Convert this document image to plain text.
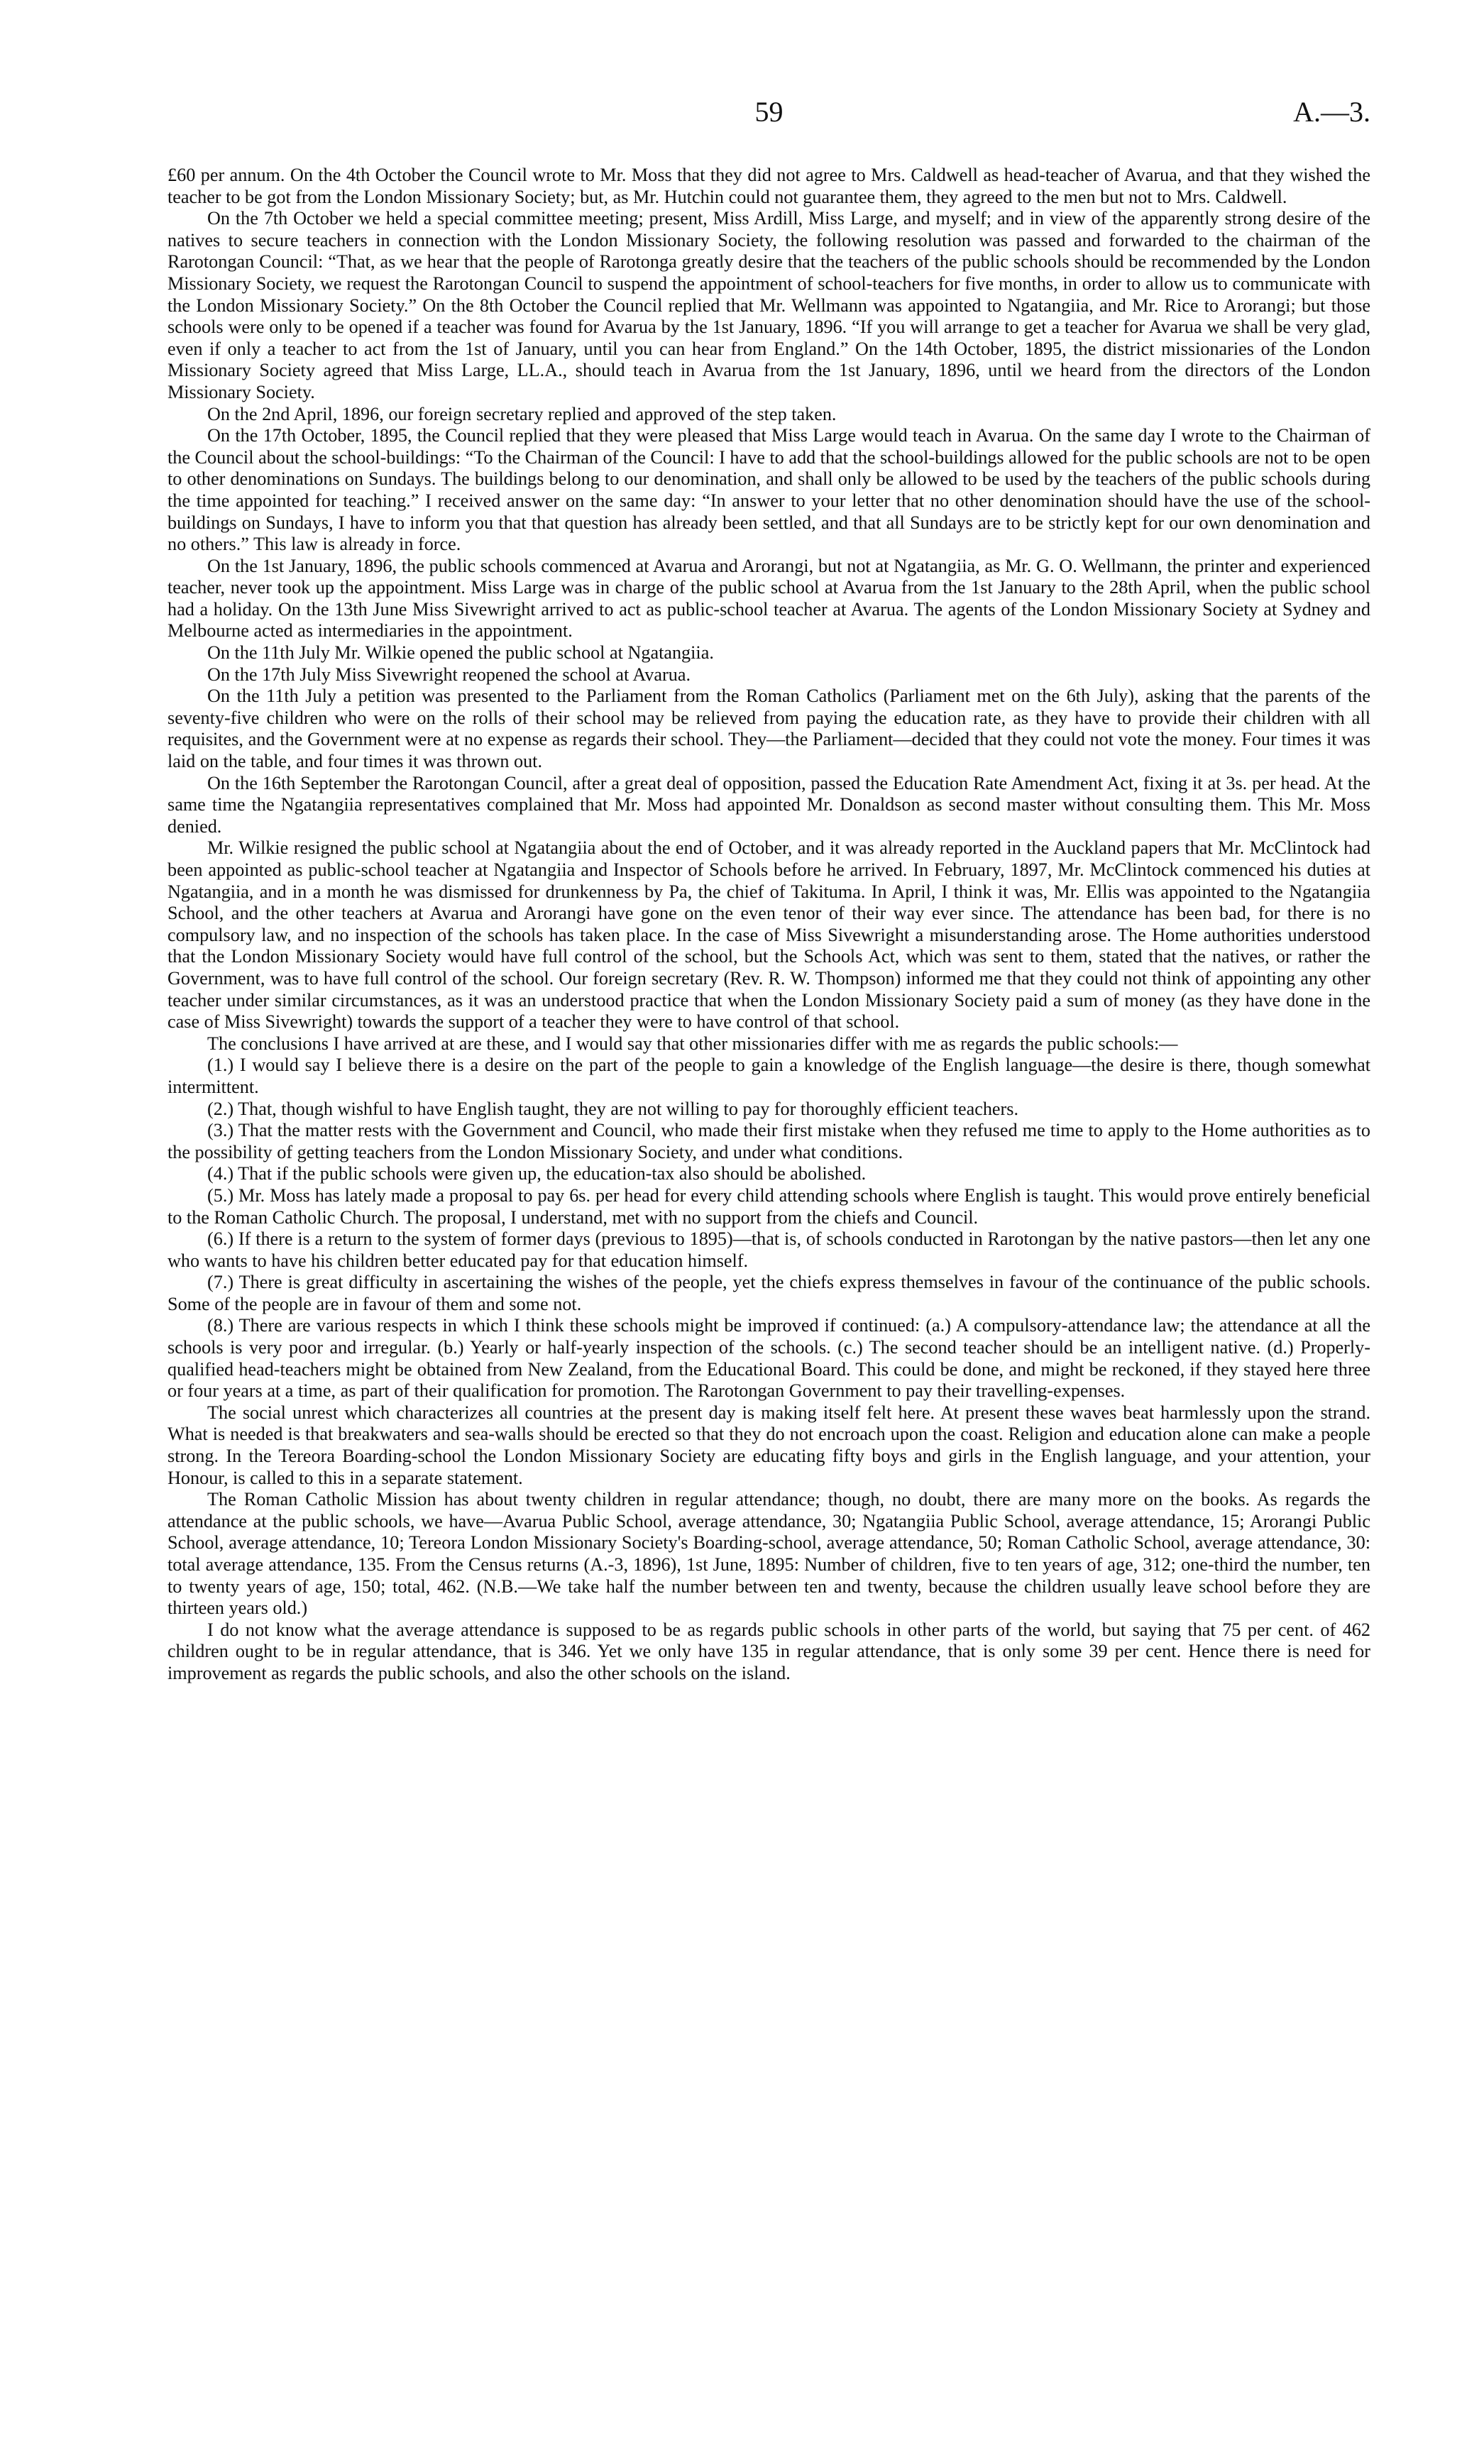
59	A.—3.

£60 per annum. On the 4th October the Council wrote to Mr. Moss that they did not agree to Mrs. Caldwell as head-teacher of Avarua, and that they wished the teacher to be got from the London Missionary Society; but, as Mr. Hutchin could not guarantee them, they agreed to the men but not to Mrs. Caldwell.

On the 7th October we held a special committee meeting; present, Miss Ardill, Miss Large, and myself; and in view of the apparently strong desire of the natives to secure teachers in connection with the London Missionary Society, the following resolution was passed and forwarded to the chairman of the Rarotongan Council: “That, as we hear that the people of Rarotonga greatly desire that the teachers of the public schools should be recommended by the London Missionary Society, we request the Rarotongan Council to suspend the appointment of school-teachers for five months, in order to allow us to communicate with the London Missionary Society.” On the 8th October the Council replied that Mr. Wellmann was appointed to Ngatangiia, and Mr. Rice to Arorangi; but those schools were only to be opened if a teacher was found for Avarua by the 1st January, 1896. “If you will arrange to get a teacher for Avarua we shall be very glad, even if only a teacher to act from the 1st of January, until you can hear from England.” On the 14th October, 1895, the district missionaries of the London Missionary Society agreed that Miss Large, LL.A., should teach in Avarua from the 1st January, 1896, until we heard from the directors of the London Missionary Society.

On the 2nd April, 1896, our foreign secretary replied and approved of the step taken.

On the 17th October, 1895, the Council replied that they were pleased that Miss Large would teach in Avarua. On the same day I wrote to the Chairman of the Council about the school-buildings: “To the Chairman of the Council: I have to add that the school-buildings allowed for the public schools are not to be open to other denominations on Sundays. The buildings belong to our denomination, and shall only be allowed to be used by the teachers of the public schools during the time appointed for teaching.” I received answer on the same day: “In answer to your letter that no other denomination should have the use of the school-buildings on Sundays, I have to inform you that that question has already been settled, and that all Sundays are to be strictly kept for our own denomination and no others.” This law is already in force.

On the 1st January, 1896, the public schools commenced at Avarua and Arorangi, but not at Ngatangiia, as Mr. G. O. Wellmann, the printer and experienced teacher, never took up the appointment. Miss Large was in charge of the public school at Avarua from the 1st January to the 28th April, when the public school had a holiday. On the 13th June Miss Sivewright arrived to act as public-school teacher at Avarua. The agents of the London Missionary Society at Sydney and Melbourne acted as intermediaries in the appointment.

On the 11th July Mr. Wilkie opened the public school at Ngatangiia.

On the 17th July Miss Sivewright reopened the school at Avarua.

On the 11th July a petition was presented to the Parliament from the Roman Catholics (Parliament met on the 6th July), asking that the parents of the seventy-five children who were on the rolls of their school may be relieved from paying the education rate, as they have to provide their children with all requisites, and the Government were at no expense as regards their school. They—the Parliament—decided that they could not vote the money. Four times it was laid on the table, and four times it was thrown out.

On the 16th September the Rarotongan Council, after a great deal of opposition, passed the Education Rate Amendment Act, fixing it at 3s. per head. At the same time the Ngatangiia representatives complained that Mr. Moss had appointed Mr. Donaldson as second master without consulting them. This Mr. Moss denied.

Mr. Wilkie resigned the public school at Ngatangiia about the end of October, and it was already reported in the Auckland papers that Mr. McClintock had been appointed as public-school teacher at Ngatangiia and Inspector of Schools before he arrived. In February, 1897, Mr. McClintock commenced his duties at Ngatangiia, and in a month he was dismissed for drunkenness by Pa, the chief of Takituma. In April, I think it was, Mr. Ellis was appointed to the Ngatangiia School, and the other teachers at Avarua and Arorangi have gone on the even tenor of their way ever since. The attendance has been bad, for there is no compulsory law, and no inspection of the schools has taken place. In the case of Miss Sivewright a misunderstanding arose. The Home authorities understood that the London Missionary Society would have full control of the school, but the Schools Act, which was sent to them, stated that the natives, or rather the Government, was to have full control of the school. Our foreign secretary (Rev. R. W. Thompson) informed me that they could not think of appointing any other teacher under similar circumstances, as it was an understood practice that when the London Missionary Society paid a sum of money (as they have done in the case of Miss Sivewright) towards the support of a teacher they were to have control of that school.

The conclusions I have arrived at are these, and I would say that other missionaries differ with me as regards the public schools:—

(1.) I would say I believe there is a desire on the part of the people to gain a knowledge of the English language—the desire is there, though somewhat intermittent.

(2.) That, though wishful to have English taught, they are not willing to pay for thoroughly efficient teachers.

(3.) That the matter rests with the Government and Council, who made their first mistake when they refused me time to apply to the Home authorities as to the possibility of getting teachers from the London Missionary Society, and under what conditions.

(4.) That if the public schools were given up, the education-tax also should be abolished.

(5.) Mr. Moss has lately made a proposal to pay 6s. per head for every child attending schools where English is taught. This would prove entirely beneficial to the Roman Catholic Church. The proposal, I understand, met with no support from the chiefs and Council.

(6.) If there is a return to the system of former days (previous to 1895)—that is, of schools conducted in Rarotongan by the native pastors—then let any one who wants to have his children better educated pay for that education himself.

(7.) There is great difficulty in ascertaining the wishes of the people, yet the chiefs express themselves in favour of the continuance of the public schools. Some of the people are in favour of them and some not.

(8.) There are various respects in which I think these schools might be improved if continued: (a.) A compulsory-attendance law; the attendance at all the schools is very poor and irregular. (b.) Yearly or half-yearly inspection of the schools. (c.) The second teacher should be an intelligent native. (d.) Properly-qualified head-teachers might be obtained from New Zealand, from the Educational Board. This could be done, and might be reckoned, if they stayed here three or four years at a time, as part of their qualification for promotion. The Rarotongan Government to pay their travelling-expenses.

The social unrest which characterizes all countries at the present day is making itself felt here. At present these waves beat harmlessly upon the strand. What is needed is that breakwaters and sea-walls should be erected so that they do not encroach upon the coast. Religion and education alone can make a people strong. In the Tereora Boarding-school the London Missionary Society are educating fifty boys and girls in the English language, and your attention, your Honour, is called to this in a separate statement.

The Roman Catholic Mission has about twenty children in regular attendance; though, no doubt, there are many more on the books. As regards the attendance at the public schools, we have—Avarua Public School, average attendance, 30; Ngatangiia Public School, average attendance, 15; Arorangi Public School, average attendance, 10; Tereora London Missionary Society's Boarding-school, average attendance, 50; Roman Catholic School, average attendance, 30: total average attendance, 135. From the Census returns (A.-3, 1896), 1st June, 1895: Number of children, five to ten years of age, 312; one-third the number, ten to twenty years of age, 150; total, 462. (N.B.—We take half the number between ten and twenty, because the children usually leave school before they are thirteen years old.)

I do not know what the average attendance is supposed to be as regards public schools in other parts of the world, but saying that 75 per cent. of 462 children ought to be in regular attendance, that is 346. Yet we only have 135 in regular attendance, that is only some 39 per cent. Hence there is need for improvement as regards the public schools, and also the other schools on the island.
